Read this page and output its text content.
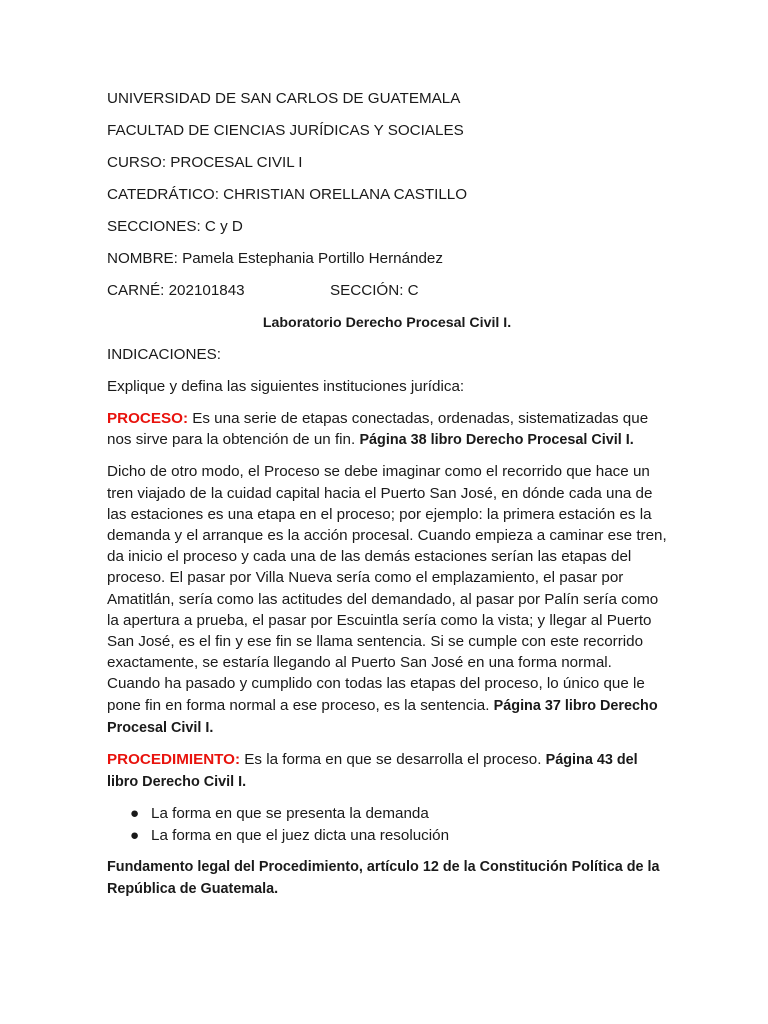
UNIVERSIDAD DE SAN CARLOS DE GUATEMALA
FACULTAD DE CIENCIAS JURÍDICAS Y SOCIALES
CURSO: PROCESAL CIVIL I
CATEDRÁTICO: CHRISTIAN ORELLANA CASTILLO
SECCIONES: C y D
NOMBRE: Pamela Estephania Portillo Hernández
CARNÉ: 202101843	SECCIÓN: C
Laboratorio Derecho Procesal Civil I.
INDICACIONES:
Explique y defina las siguientes instituciones jurídica:

PROCESO: Es una serie de etapas conectadas, ordenadas, sistematizadas que nos sirve para la obtención de un fin. Página 38 libro Derecho Procesal Civil I.

Dicho de otro modo, el Proceso se debe imaginar como el recorrido que hace un tren viajado de la cuidad capital hacia el Puerto San José, en dónde cada una de las estaciones es una etapa en el proceso; por ejemplo: la primera estación es la demanda y el arranque es la acción procesal. Cuando empieza a caminar ese tren, da inicio el proceso y cada una de las demás estaciones serían las etapas del proceso. El pasar por Villa Nueva sería como el emplazamiento, el pasar por Amatitlán, sería como las actitudes del demandado, al pasar por Palín sería como la apertura a prueba, el pasar por Escuintla sería como la vista; y llegar al Puerto San José, es el fin y ese fin se llama sentencia. Si se cumple con este recorrido exactamente, se estaría llegando al Puerto San José en una forma normal. Cuando ha pasado y cumplido con todas las etapas del proceso, lo único que le pone fin en forma normal a ese proceso, es la sentencia. Página 37 libro Derecho Procesal Civil I.

PROCEDIMIENTO: Es la forma en que se desarrolla el proceso. Página 43 del libro Derecho Civil I.

● La forma en que se presenta la demanda
● La forma en que el juez dicta una resolución

Fundamento legal del Procedimiento, artículo 12 de la Constitución Política de la República de Guatemala.
